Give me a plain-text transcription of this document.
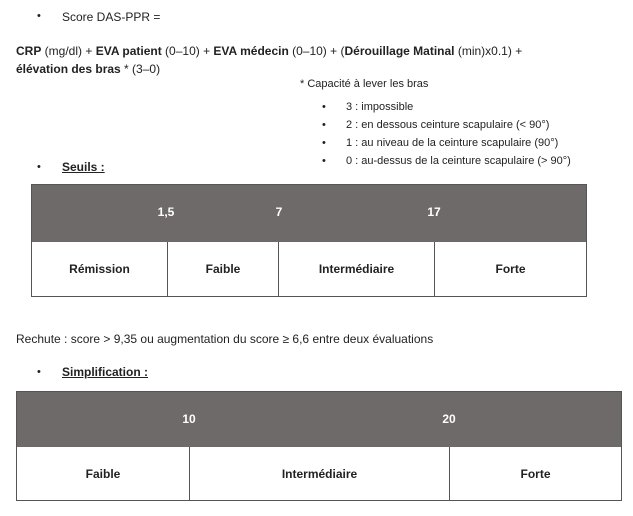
• Score DAS-PPR =
CRP (mg/dl) + EVA patient (0–10) + EVA médecin (0–10) + (Dérouillage Matinal (min)x0.1) +
élévation des bras * (3–0)
* Capacité à lever les bras
• 3 : impossible
• 2 : en dessous ceinture scapulaire (< 90°)
• 1 : au niveau de la ceinture scapulaire (90°)
• 0 : au-dessus de la ceinture scapulaire (> 90°)
• Seuils :
1,5	7	17
Rémission	Faible	Intermédiaire	Forte
Rechute : score > 9,35 ou augmentation du score ≥ 6,6 entre deux évaluations
• Simplification :
10	20
Faible	Intermédiaire	Forte
